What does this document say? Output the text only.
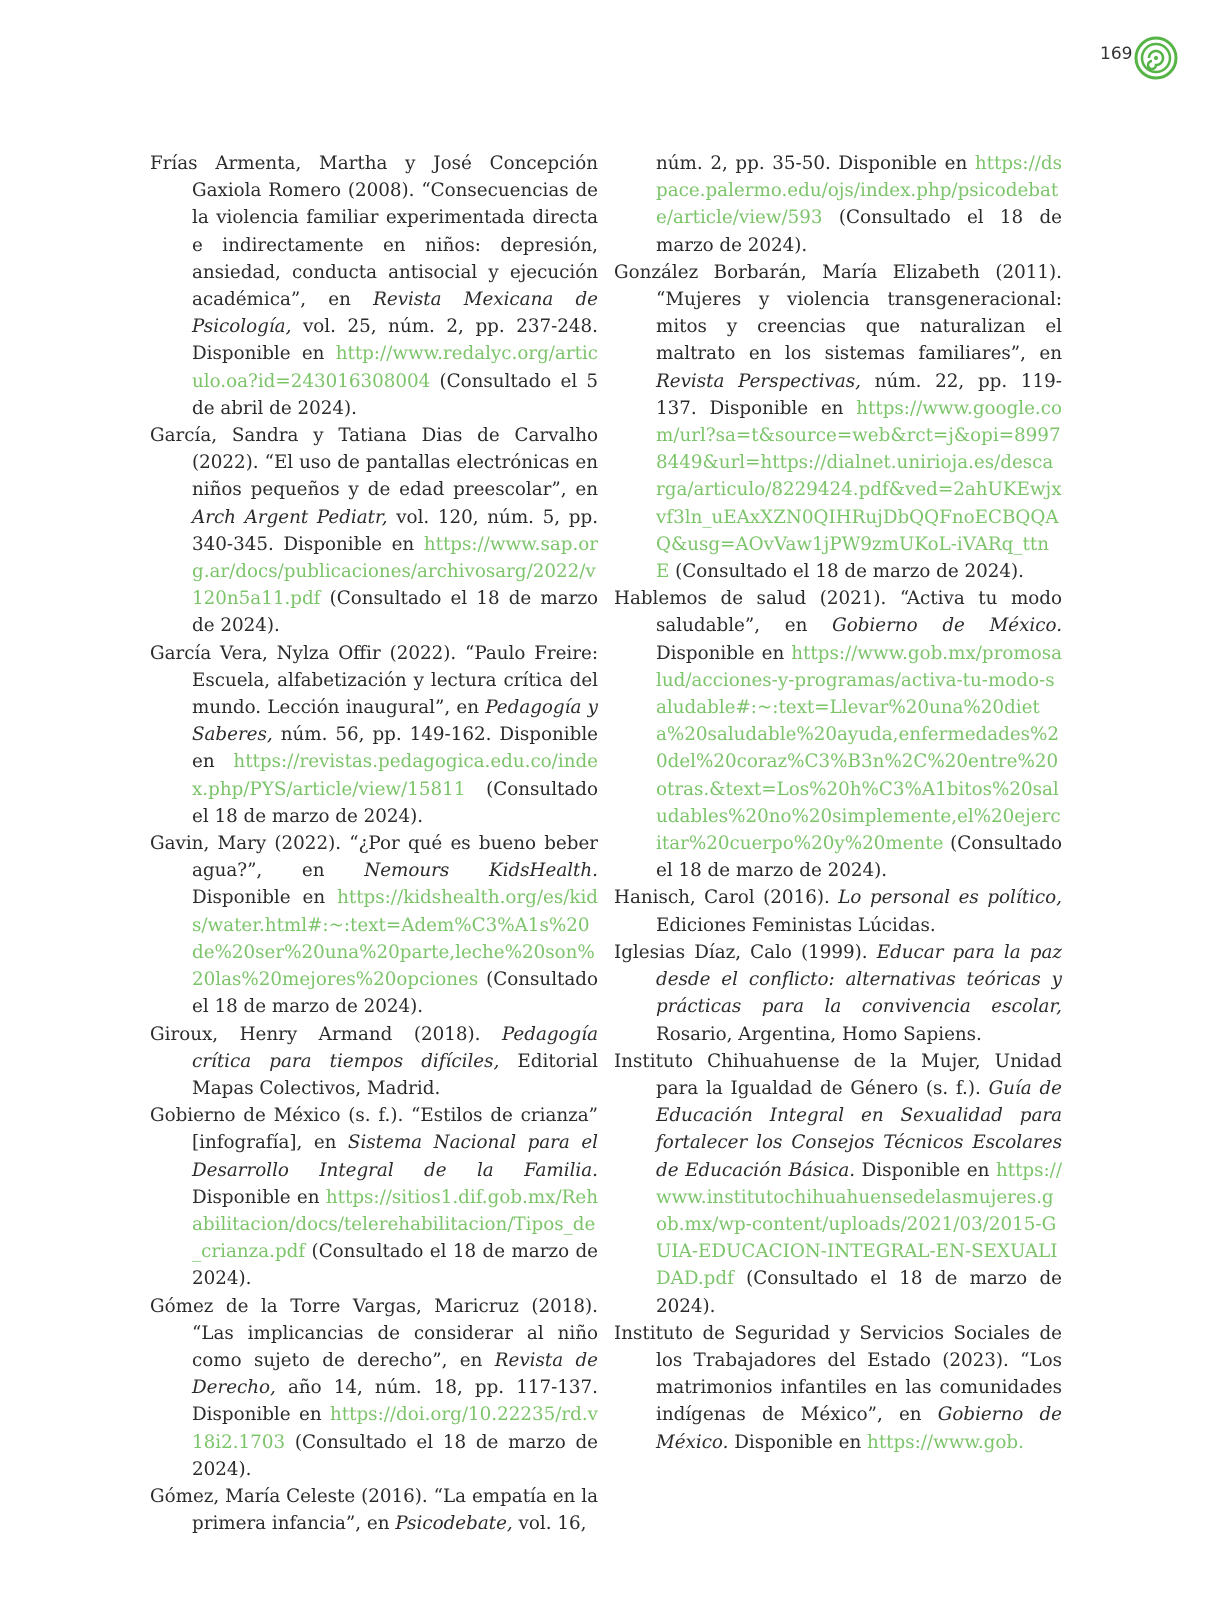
169

Frías Armenta, Martha y José Concepción Gaxiola Romero (2008). “Consecuencias de la violencia familiar experimentada directa e indirectamente en niños: depresión, ansiedad, conducta antisocial y ejecución académica”, en Revista Mexicana de Psicología, vol. 25, núm. 2, pp. 237-248. Disponible en http://www.redalyc.org/articulo.oa?id=243016308004 (Consultado el 5 de abril de 2024).

García, Sandra y Tatiana Dias de Carvalho (2022). “El uso de pantallas electrónicas en niños pequeños y de edad preescolar”, en Arch Argent Pediatr, vol. 120, núm. 5, pp. 340-345. Disponible en https://www.sap.org.ar/docs/publicaciones/archivosarg/2022/v120n5a11.pdf (Consultado el 18 de marzo de 2024).

García Vera, Nylza Offir (2022). “Paulo Freire: Escuela, alfabetización y lectura crítica del mundo. Lección inaugural”, en Pedagogía y Saberes, núm. 56, pp. 149-162. Disponible en https://revistas.pedagogica.edu.co/index.php/PYS/article/view/15811 (Consultado el 18 de marzo de 2024).

Gavin, Mary (2022). “¿Por qué es bueno beber agua?”, en Nemours KidsHealth. Disponible en https://kidshealth.org/es/kids/water.html#:~:text=Adem%C3%A1s%20de%20ser%20una%20parte,leche%20son%20las%20mejores%20opciones (Consultado el 18 de marzo de 2024).

Giroux, Henry Armand (2018). Pedagogía crítica para tiempos difíciles, Editorial Mapas Colectivos, Madrid.

Gobierno de México (s. f.). “Estilos de crianza” [infografía], en Sistema Nacional para el Desarrollo Integral de la Familia. Disponible en https://sitios1.dif.gob.mx/Rehabilitacion/docs/telerehabilitacion/Tipos_de_crianza.pdf (Consultado el 18 de marzo de 2024).

Gómez de la Torre Vargas, Maricruz (2018). “Las implicancias de considerar al niño como sujeto de derecho”, en Revista de Derecho, año 14, núm. 18, pp. 117-137. Disponible en https://doi.org/10.22235/rd.v18i2.1703 (Consultado el 18 de marzo de 2024).

Gómez, María Celeste (2016). “La empatía en la primera infancia”, en Psicodebate, vol. 16,

núm. 2, pp. 35-50. Disponible en https://dspace.palermo.edu/ojs/index.php/psicodebate/article/view/593 (Consultado el 18 de marzo de 2024).

González Borbarán, María Elizabeth (2011). “Mujeres y violencia transgeneracional: mitos y creencias que naturalizan el maltrato en los sistemas familiares”, en Revista Perspectivas, núm. 22, pp. 119-137. Disponible en https://www.google.com/url?sa=t&source=web&rct=j&opi=89978449&url=https://dialnet.unirioja.es/descarga/articulo/8229424.pdf&ved=2ahUKEwjxvf3ln_uEAxXZN0QIHRujDbQQFnoECBQQAQ&usg=AOvVaw1jPW9zmUKoL-iVARq_ttnE (Consultado el 18 de marzo de 2024).

Hablemos de salud (2021). “Activa tu modo saludable”, en Gobierno de México. Disponible en https://www.gob.mx/promosalud/acciones-y-programas/activa-tu-modo-saludable#:~:text=Llevar%20una%20dieta%20saludable%20ayuda,enfermedades%20del%20coraz%C3%B3n%2C%20entre%20otras.&text=Los%20h%C3%A1bitos%20saludables%20no%20simplemente,el%20ejercitar%20cuerpo%20y%20mente (Consultado el 18 de marzo de 2024).

Hanisch, Carol (2016). Lo personal es político, Ediciones Feministas Lúcidas.

Iglesias Díaz, Calo (1999). Educar para la paz desde el conflicto: alternativas teóricas y prácticas para la convivencia escolar, Rosario, Argentina, Homo Sapiens.

Instituto Chihuahuense de la Mujer, Unidad para la Igualdad de Género (s. f.). Guía de Educación Integral en Sexualidad para fortalecer los Consejos Técnicos Escolares de Educación Básica. Disponible en https://www.institutochihuahuensedelasmujeres.gob.mx/wp-content/uploads/2021/03/2015-GUIA-EDUCACION-INTEGRAL-EN-SEXUALIDAD.pdf (Consultado el 18 de marzo de 2024).

Instituto de Seguridad y Servicios Sociales de los Trabajadores del Estado (2023). “Los matrimonios infantiles en las comunidades indígenas de México”, en Gobierno de México. Disponible en https://www.gob.
